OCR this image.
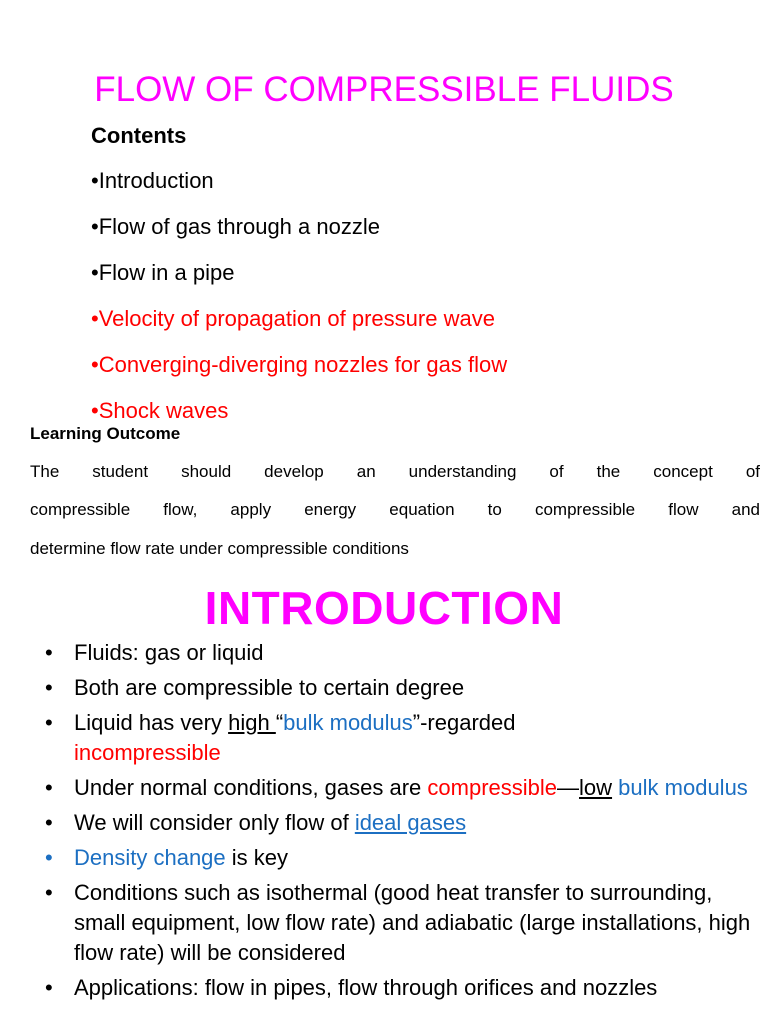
FLOW OF COMPRESSIBLE FLUIDS
Contents
•Introduction
•Flow of gas through a nozzle
•Flow in a pipe
•Velocity of propagation of pressure wave
•Converging-diverging nozzles for gas flow
•Shock waves
Learning Outcome
The student should develop an understanding of the concept of
compressible flow, apply energy equation to compressible flow and
determine flow rate under compressible conditions
INTRODUCTION
• Fluids: gas or liquid
• Both are compressible to certain degree
• Liquid has very high “bulk modulus”-regarded
incompressible
• Under normal conditions, gases are compressible—low bulk modulus
• We will consider only flow of ideal gases
• Density change is key
• Conditions such as isothermal (good heat transfer to surrounding, small equipment, low flow rate) and adiabatic (large installations, high flow rate) will be considered
• Applications: flow in pipes, flow through orifices and nozzles
